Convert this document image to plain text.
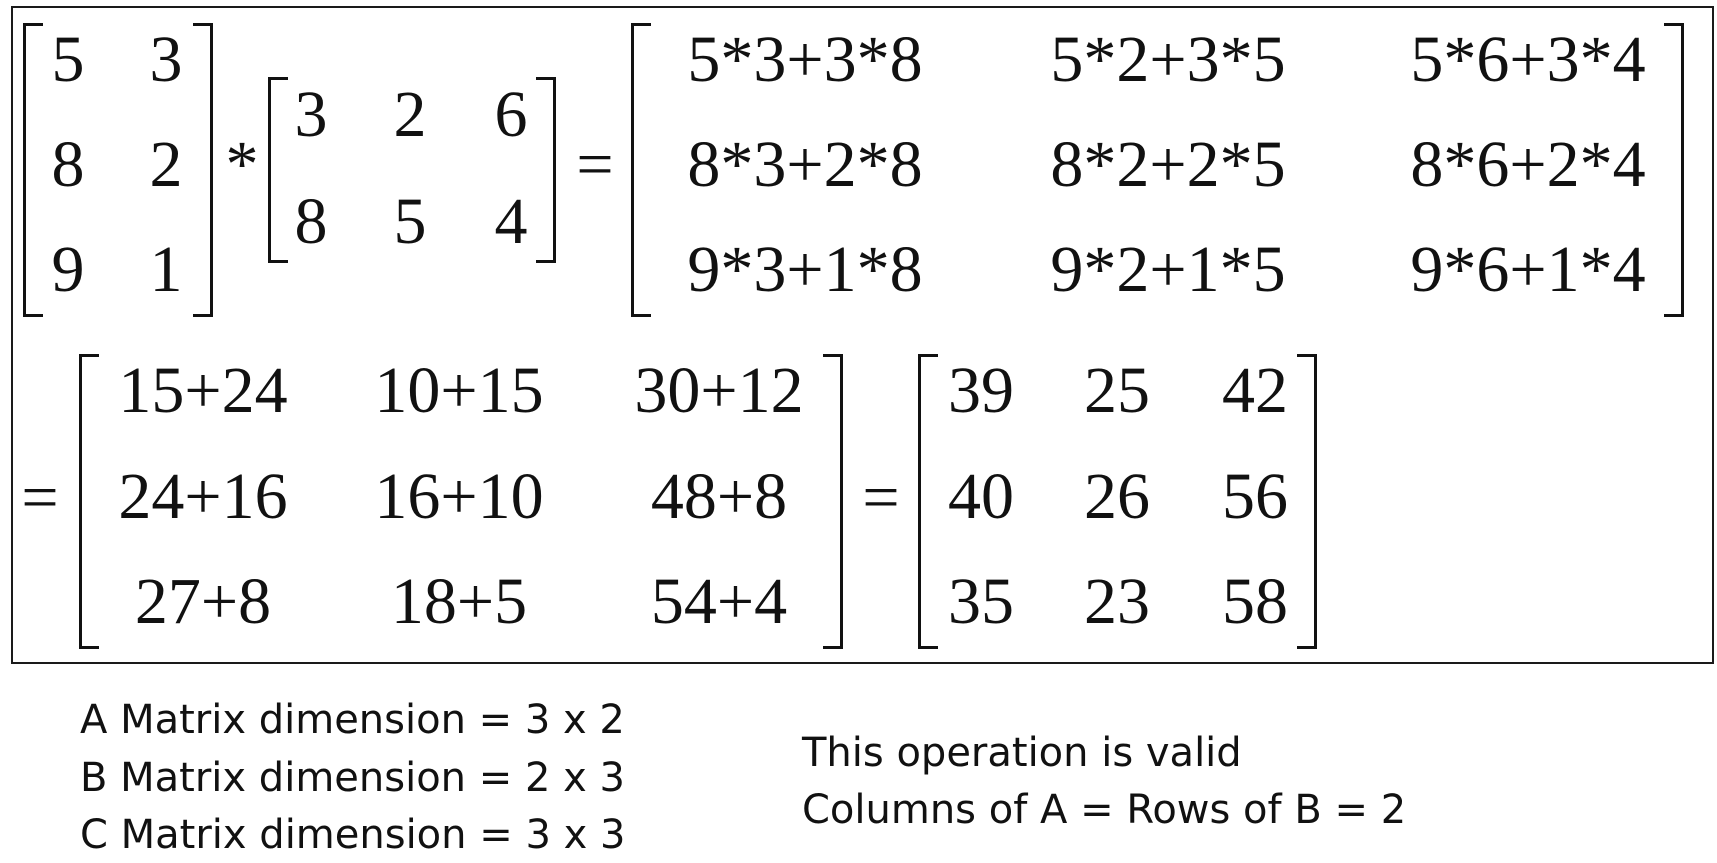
5 3
8 2
9 1
*
3 2 6
8 5 4
=
5*3+3*8 5*2+3*5 5*6+3*4
8*3+2*8 8*2+2*5 8*6+2*4
9*3+1*8 9*2+1*5 9*6+1*4
=
15+24 10+15 30+12
24+16 16+10 48+8
27+8 18+5 54+4
=
39 25 42
40 26 56
35 23 58
A Matrix dimension = 3 x 2
B Matrix dimension = 2 x 3
C Matrix dimension = 3 x 3
This operation is valid
Columns of A = Rows of B = 2
